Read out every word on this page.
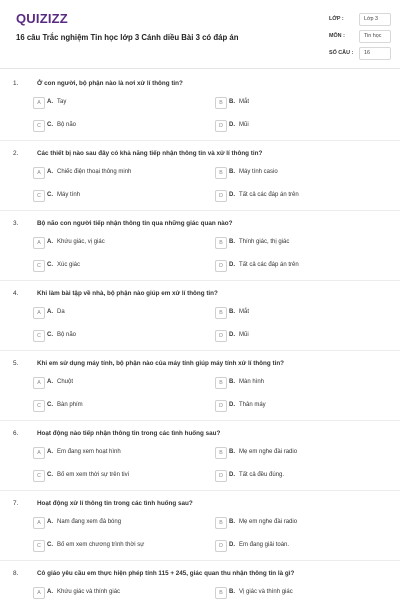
QUIZIZZ
16 câu Trắc nghiệm Tin học lớp 3 Cánh diều Bài 3 có đáp án
LỚP :	Lớp 3
MÔN :	Tin học
SỐ CÂU : 16
1.	Ở con người, bộ phận nào là nơi xử lí thông tin?
A	A. Tay	B	B. Mắt
C	C. Bộ não	D	D. Mũi
2.	Các thiết bị nào sau đây có khả năng tiếp nhận thông tin và xử lí thông tin?
A	A. Chiếc điện thoại thông minh	B	B. Máy tính casio
C	C. Máy tính	D	D. Tất cả các đáp án trên
3.	Bộ não con người tiếp nhận thông tin qua những giác quan nào?
A	A. Khứu giác, vị giác	B	B. Thính giác, thị giác
C	C. Xúc giác	D	D. Tất cả các đáp án trên
4.	Khi làm bài tập về nhà, bộ phận nào giúp em xử lí thông tin?
A	A. Da	B	B. Mắt
C	C. Bộ não	D	D. Mũi
5.	Khi em sử dụng máy tính, bộ phận nào của máy tính giúp máy tính xử lí thông tin?
A	A. Chuột	B	B. Màn hình
C	C. Bàn phím	D	D. Thân máy
6.	Hoạt động nào tiếp nhận thông tin trong các tình huống sau?
A	A. Em đang xem hoạt hình	B	B. Mẹ em nghe đài radio
C	C. Bố em xem thời sự trên tivi	D	D. Tất cả đều đúng.
7.	Hoạt động xử lí thông tin trong các tình huống sau?
A	A. Nam đang xem đá bóng	B	B. Mẹ em nghe đài radio
C	C. Bố em xem chương trình thời sự	D	D. Em đang giải toán.
8.	Cô giáo yêu cầu em thực hiện phép tính 115 + 245, giác quan thu nhận thông tin là gì?
A	A. Khứu giác và thính giác	B	B. Vị giác và thính giác
